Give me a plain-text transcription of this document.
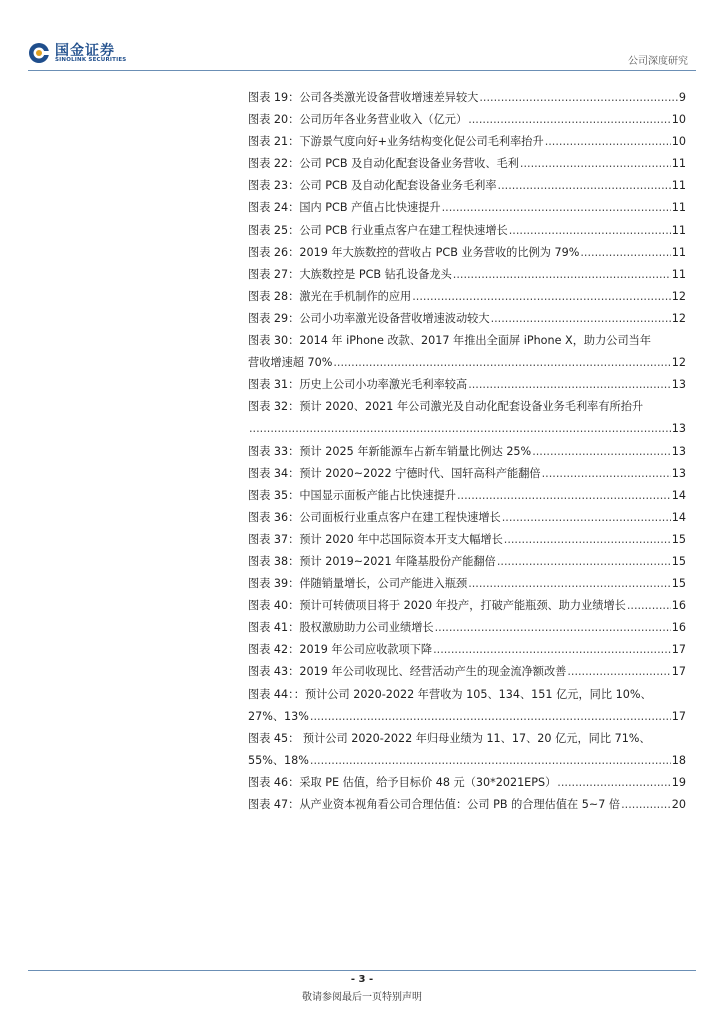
国金证券
SINOLINK SECURITIES	公司深度研究
图表 19： 公司各类激光设备营收增速差异较大 .....	9
图表 20： 公司历年各业务营业收入（亿元） .....	10
图表 21： 下游景气度向好+业务结构变化促公司毛利率抬升 .....	10
图表 22： 公司 PCB 及自动化配套设备业务营收、毛利 .....	11
图表 23： 公司 PCB 及自动化配套设备业务毛利率 .....	11
图表 24： 国内 PCB 产值占比快速提升 .....	11
图表 25： 公司 PCB 行业重点客户在建工程快速增长 .....	11
图表 26： 2019 年大族数控的营收占 PCB 业务营收的比例为 79% .....	11
图表 27： 大族数控是 PCB 钻孔设备龙头 .....	11
图表 28： 激光在手机制作的应用 .....	12
图表 29： 公司小功率激光设备营收增速波动较大 .....	12
图表 30：2014 年 iPhone 改款、2017 年推出全面屏 iPhone X，助力公司当年
营收增速超 70% .....	12
图表 31： 历史上公司小功率激光毛利率较高 .....	13
图表 32：预计 2020、2021 年公司激光及自动化配套设备业务毛利率有所抬升
.....
13
图表 33： 预计 2025 年新能源车占新车销量比例达 25% .....	13
图表 34： 预计 2020~2022 宁德时代、国轩高科产能翻倍 .....	13
图表 35： 中国显示面板产能占比快速提升 .....	14
图表 36： 公司面板行业重点客户在建工程快速增长 .....	14
图表 37： 预计 2020 年中芯国际资本开支大幅增长 .....	15
图表 38： 预计 2019~2021 年隆基股份产能翻倍 .....	15
图表 39： 伴随销量增长，公司产能进入瓶颈 .....	15
图表 40： 预计可转债项目将于 2020 年投产，打破产能瓶颈、助力业绩增长 .....	16
图表 41： 股权激励助力公司业绩增长 .....	16
图表 42： 2019 年公司应收款项下降 .....	17
图表 43： 2019 年公司收现比、经营活动产生的现金流净额改善 .....	17
图表 44：：预计公司 2020-2022 年营收为 105、134、151 亿元，同比 10%、
27%、13% .....	17
图表 45： 预计公司 2020-2022 年归母业绩为 11、17、20 亿元，同比 71%、
55%、18% .....	18
图表 46： 采取 PE 估值，给予目标价 48 元（30*2021EPS） .....	19
图表 47： 从产业资本视角看公司合理估值：公司 PB 的合理估值在 5~7 倍 .....	20
- 3 -
敬请参阅最后一页特别声明
